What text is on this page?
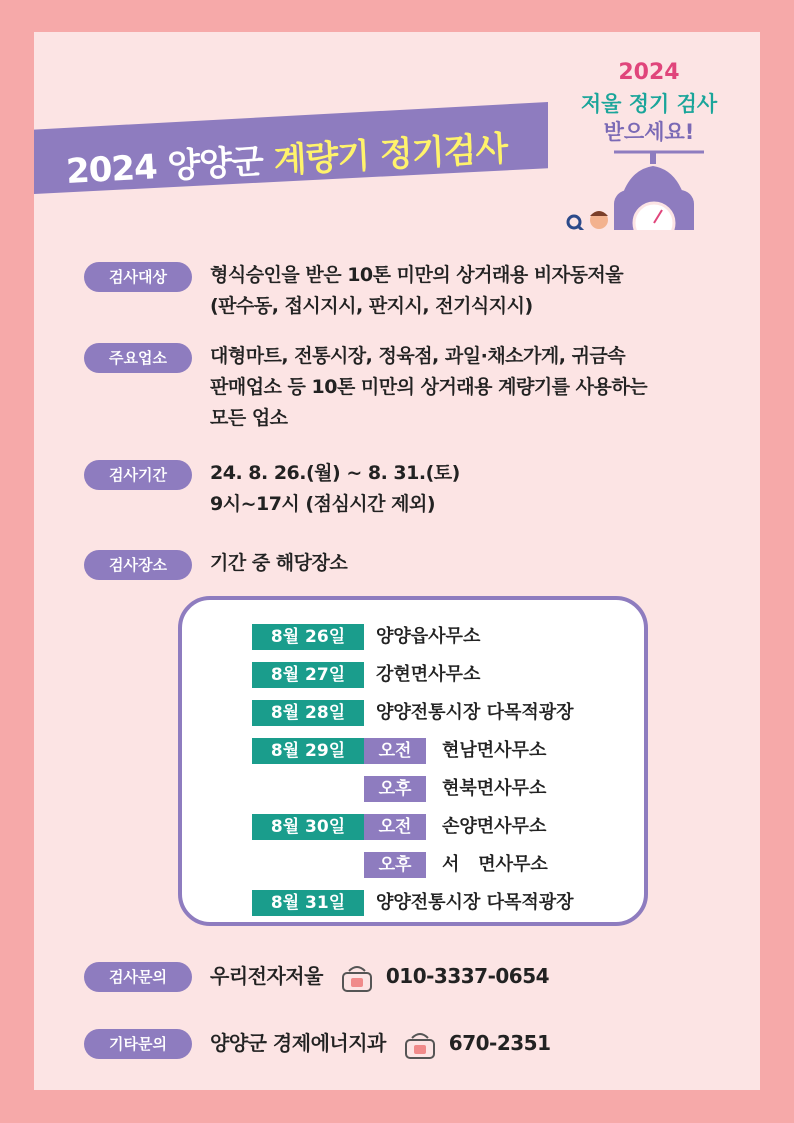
2024 양양군 계량기 정기검사
2024
저울 정기 검사
받으세요!
검사대상	형식승인을 받은 10톤 미만의 상거래용 비자동저울
(판수동, 접시지시, 판지시, 전기식지시)
주요업소	대형마트, 전통시장, 정육점, 과일·채소가게, 귀금속
판매업소 등 10톤 미만의 상거래용 계량기를 사용하는
모든 업소
검사기간	24. 8. 26.(월) ~ 8. 31.(토)
9시~17시 (점심시간 제외)
검사장소	기간 중 해당장소
8월 26일	양양읍사무소
8월 27일	강현면사무소
8월 28일	양양전통시장 다목적광장
8월 29일	오전	현남면사무소
오후	현북면사무소
8월 30일	오전	손양면사무소
오후	서   면사무소
8월 31일	양양전통시장 다목적광장
검사문의	우리전자저울	010-3337-0654
기타문의	양양군 경제에너지과	670-2351
